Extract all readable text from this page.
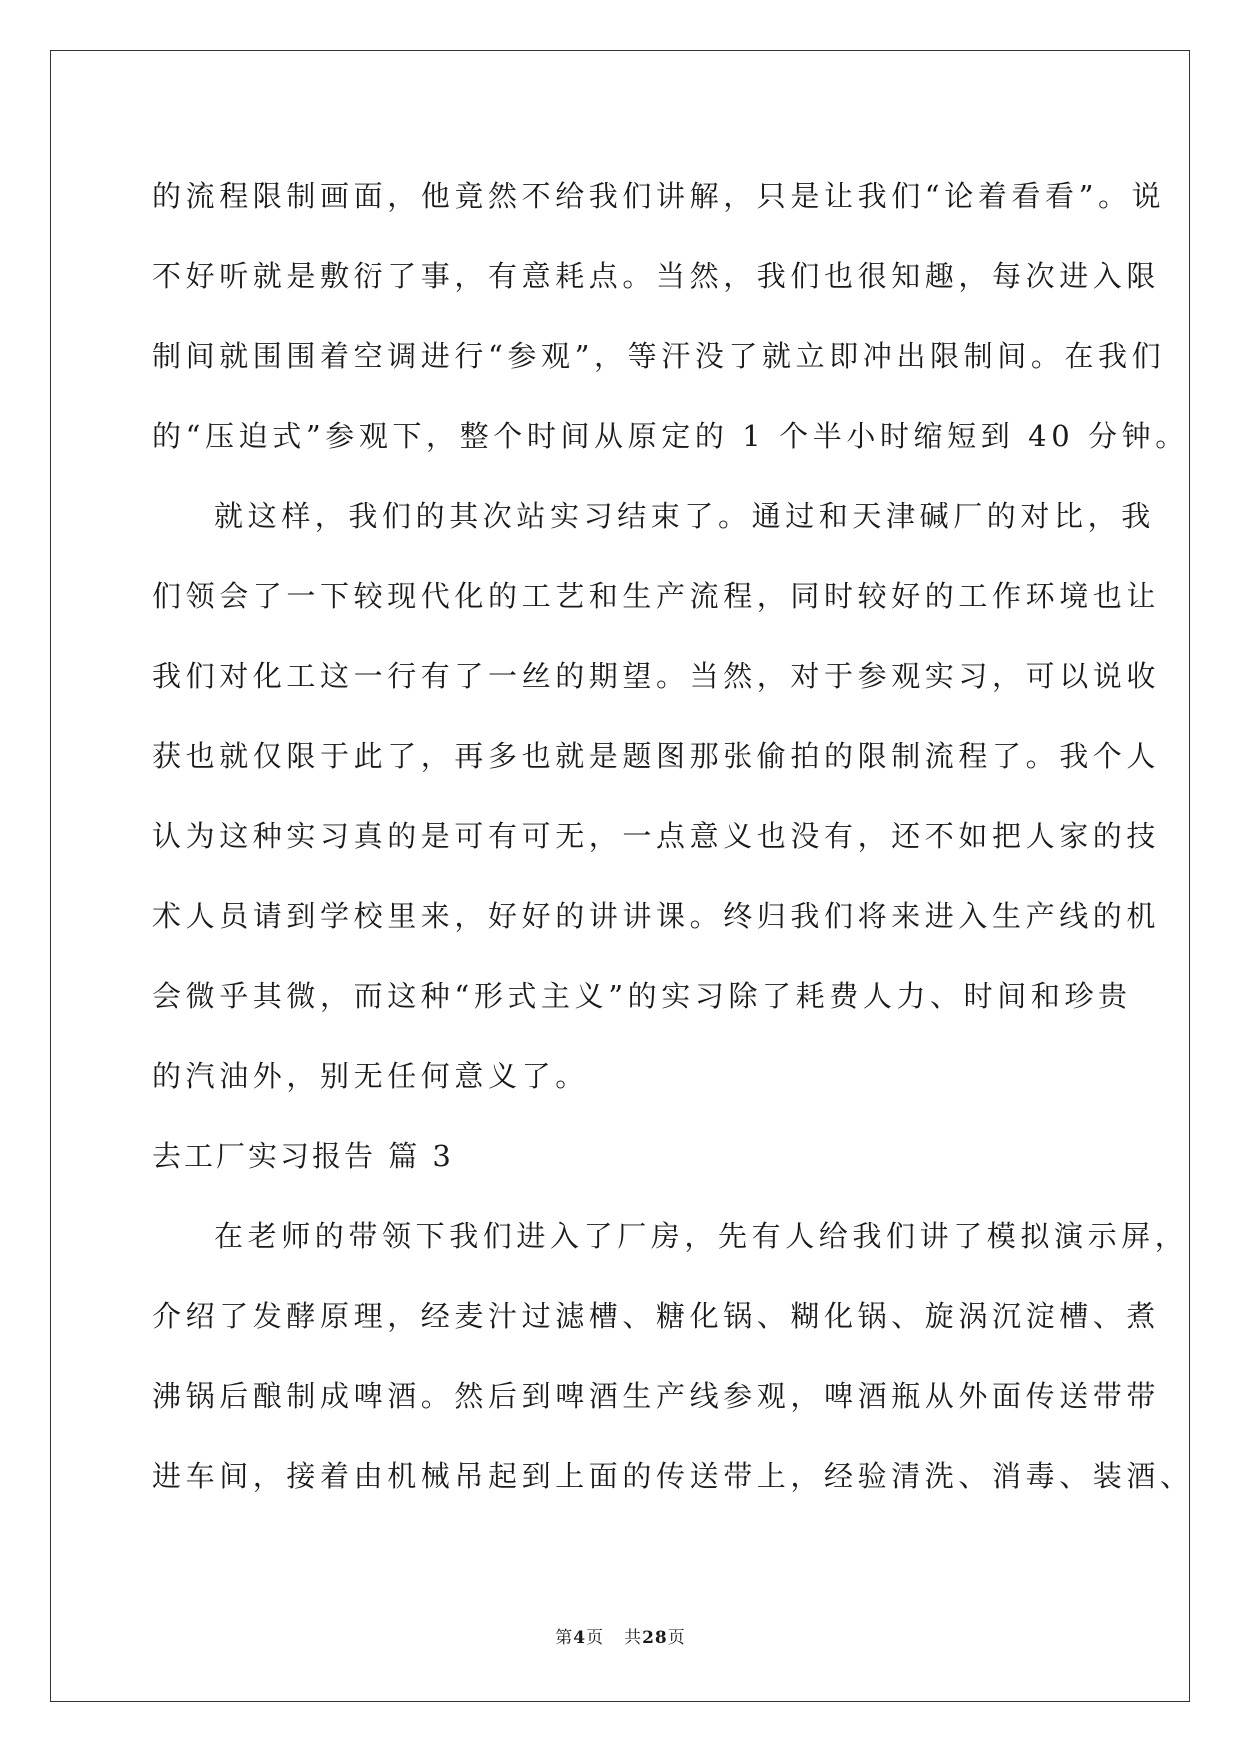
的流程限制画面，他竟然不给我们讲解，只是让我们“论着看看”。说
不好听就是敷衍了事，有意耗点。当然，我们也很知趣，每次进入限
制间就围围着空调进行“参观”，等汗没了就立即冲出限制间。在我们
的“压迫式”参观下，整个时间从原定的 1 个半小时缩短到 40 分钟。
就这样，我们的其次站实习结束了。通过和天津碱厂的对比，我
们领会了一下较现代化的工艺和生产流程，同时较好的工作环境也让
我们对化工这一行有了一丝的期望。当然，对于参观实习，可以说收
获也就仅限于此了，再多也就是题图那张偷拍的限制流程了。我个人
认为这种实习真的是可有可无，一点意义也没有，还不如把人家的技
术人员请到学校里来，好好的讲讲课。终归我们将来进入生产线的机
会微乎其微，而这种“形式主义”的实习除了耗费人力、时间和珍贵
的汽油外，别无任何意义了。
去工厂实习报告 篇 3
在老师的带领下我们进入了厂房，先有人给我们讲了模拟演示屏，
介绍了发酵原理，经麦汁过滤槽、糖化锅、糊化锅、旋涡沉淀槽、煮
沸锅后酿制成啤酒。然后到啤酒生产线参观，啤酒瓶从外面传送带带
进车间，接着由机械吊起到上面的传送带上，经验清洗、消毒、装酒、
第4页 共28页
